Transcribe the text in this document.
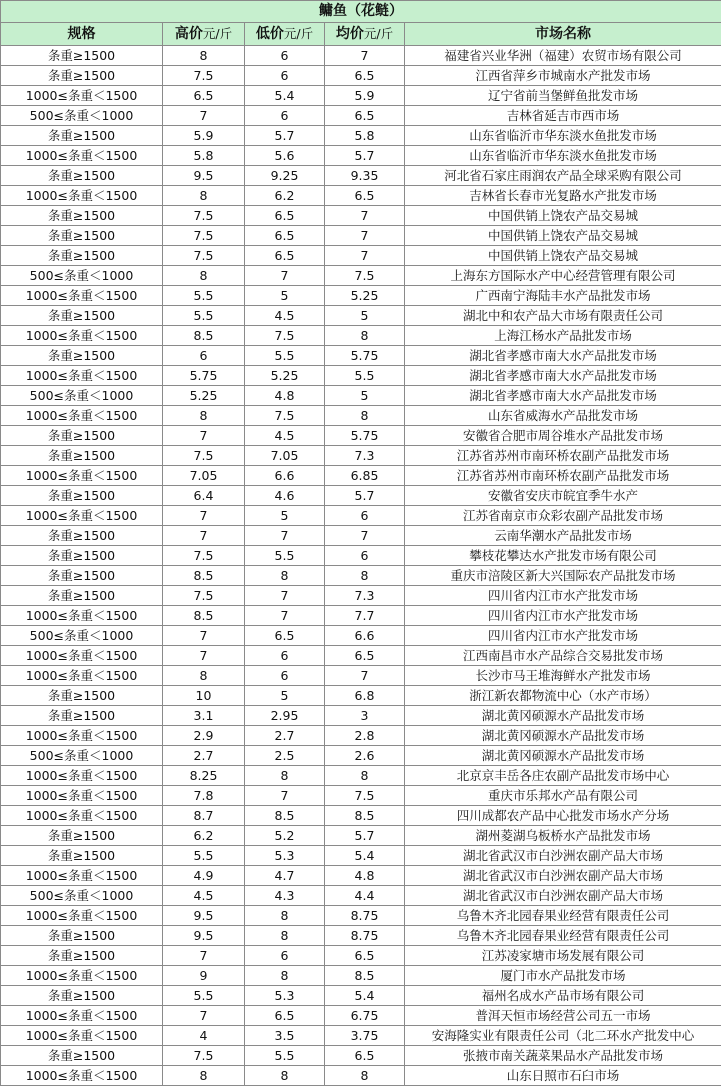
鳙鱼（花鲢）				
规格	高价元/斤	低价元/斤	均价元/斤	市场名称
条重≥1500	8	6	7	福建省兴业华洲（福建）农贸市场有限公司
条重≥1500	7.5	6	6.5	江西省萍乡市城南水产批发市场
1000≤条重＜1500	6.5	5.4	5.9	辽宁省前当堡鲜鱼批发市场
500≤条重＜1000	7	6	6.5	吉林省延吉市西市场
条重≥1500	5.9	5.7	5.8	山东省临沂市华东淡水鱼批发市场
1000≤条重＜1500	5.8	5.6	5.7	山东省临沂市华东淡水鱼批发市场
条重≥1500	9.5	9.25	9.35	河北省石家庄雨润农产品全球采购有限公司
1000≤条重＜1500	8	6.2	6.5	吉林省长春市光复路水产批发市场
条重≥1500	7.5	6.5	7	中国供销上饶农产品交易城
条重≥1500	7.5	6.5	7	中国供销上饶农产品交易城
条重≥1500	7.5	6.5	7	中国供销上饶农产品交易城
500≤条重＜1000	8	7	7.5	上海东方国际水产中心经营管理有限公司
1000≤条重＜1500	5.5	5	5.25	广西南宁海陆丰水产品批发市场
条重≥1500	5.5	4.5	5	湖北中和农产品大市场有限责任公司
1000≤条重＜1500	8.5	7.5	8	上海江杨水产品批发市场
条重≥1500	6	5.5	5.75	湖北省孝感市南大水产品批发市场
1000≤条重＜1500	5.75	5.25	5.5	湖北省孝感市南大水产品批发市场
500≤条重＜1000	5.25	4.8	5	湖北省孝感市南大水产品批发市场
1000≤条重＜1500	8	7.5	8	山东省威海水产品批发市场
条重≥1500	7	4.5	5.75	安徽省合肥市周谷堆水产品批发市场
条重≥1500	7.5	7.05	7.3	江苏省苏州市南环桥农副产品批发市场
1000≤条重＜1500	7.05	6.6	6.85	江苏省苏州市南环桥农副产品批发市场
条重≥1500	6.4	4.6	5.7	安徽省安庆市皖宜季牛水产
1000≤条重＜1500	7	5	6	江苏省南京市众彩农副产品批发市场
条重≥1500	7	7	7	云南华潮水产品批发市场
条重≥1500	7.5	5.5	6	攀枝花攀达水产批发市场有限公司
条重≥1500	8.5	8	8	重庆市涪陵区新大兴国际农产品批发市场
条重≥1500	7.5	7	7.3	四川省内江市水产批发市场
1000≤条重＜1500	8.5	7	7.7	四川省内江市水产批发市场
500≤条重＜1000	7	6.5	6.6	四川省内江市水产批发市场
1000≤条重＜1500	7	6	6.5	江西南昌市水产品综合交易批发市场
1000≤条重＜1500	8	6	7	长沙市马王堆海鲜水产批发市场
条重≥1500	10	5	6.8	浙江新农都物流中心（水产市场）
条重≥1500	3.1	2.95	3	湖北黄冈硕源水产品批发市场
1000≤条重＜1500	2.9	2.7	2.8	湖北黄冈硕源水产品批发市场
500≤条重＜1000	2.7	2.5	2.6	湖北黄冈硕源水产品批发市场
1000≤条重＜1500	8.25	8	8	北京京丰岳各庄农副产品批发市场中心
1000≤条重＜1500	7.8	7	7.5	重庆市乐邦水产品有限公司
1000≤条重＜1500	8.7	8.5	8.5	四川成都农产品中心批发市场水产分场
条重≥1500	6.2	5.2	5.7	湖州菱湖乌板桥水产品批发市场
条重≥1500	5.5	5.3	5.4	湖北省武汉市白沙洲农副产品大市场
1000≤条重＜1500	4.9	4.7	4.8	湖北省武汉市白沙洲农副产品大市场
500≤条重＜1000	4.5	4.3	4.4	湖北省武汉市白沙洲农副产品大市场
1000≤条重＜1500	9.5	8	8.75	乌鲁木齐北园春果业经营有限责任公司
条重≥1500	9.5	8	8.75	乌鲁木齐北园春果业经营有限责任公司
条重≥1500	7	6	6.5	江苏凌家塘市场发展有限公司
1000≤条重＜1500	9	8	8.5	厦门市水产品批发市场
条重≥1500	5.5	5.3	5.4	福州名成水产品市场有限公司
1000≤条重＜1500	7	6.5	6.75	普洱天恒市场经营公司五一市场
1000≤条重＜1500	4	3.5	3.75	安海隆实业有限责任公司（北二环水产批发中心
条重≥1500	7.5	5.5	6.5	张掖市南关蔬菜果品水产品批发市场
1000≤条重＜1500	8	8	8	山东日照市石臼市场
